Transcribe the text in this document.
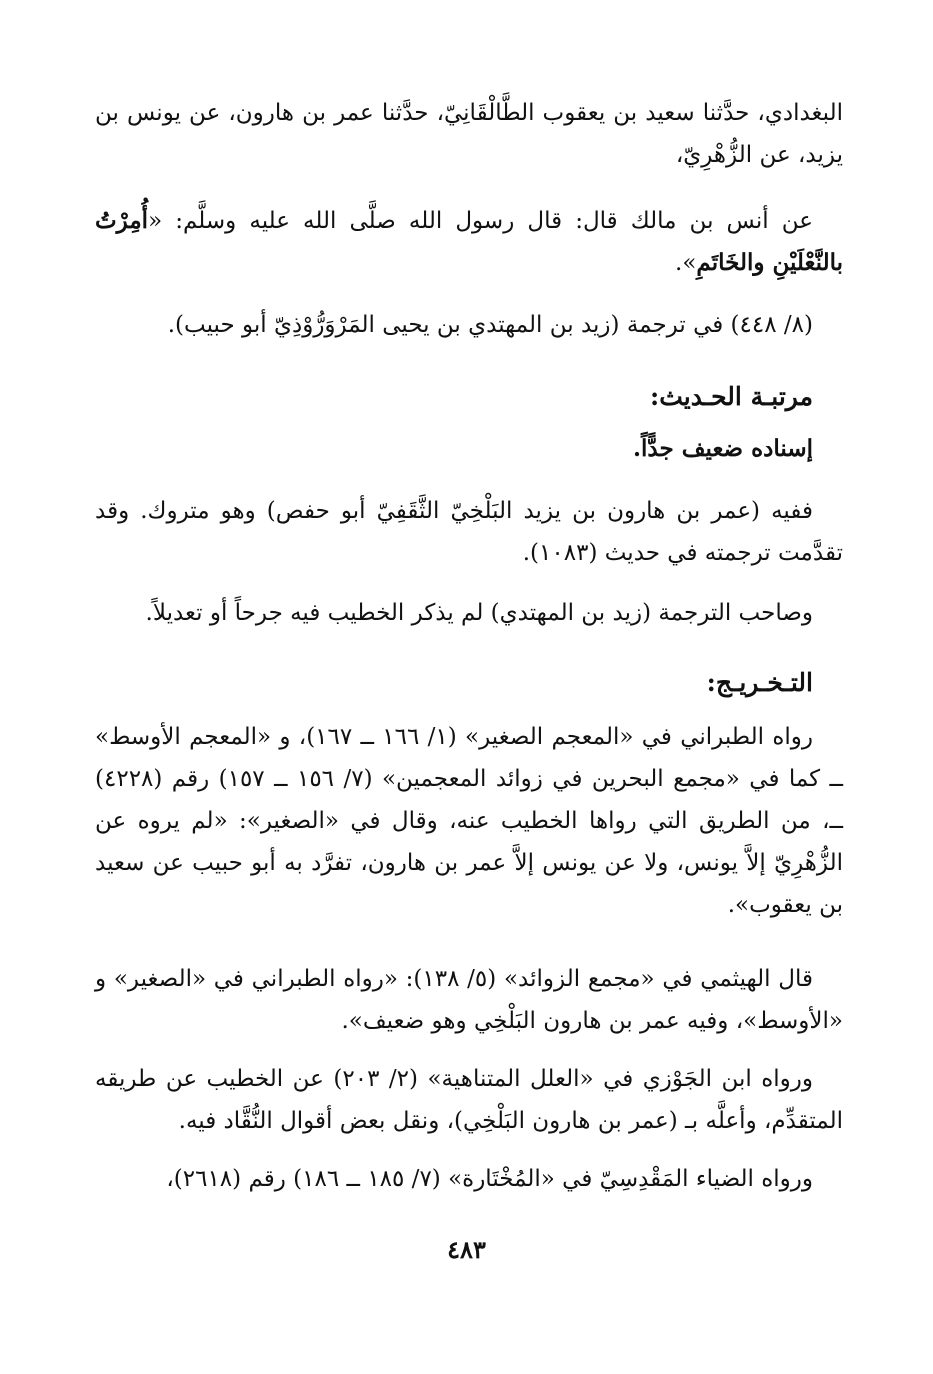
البغدادي، حدَّثنا سعيد بن يعقوب الطَّالْقَانِيّ، حدَّثنا عمر بن هارون، عن يونس بن يزيد، عن الزُّهْرِيّ،

عن أنس بن مالك قال: قال رسول الله صلَّى الله عليه وسلَّم: «أُمِرْتُ بالنَّعْلَيْنِ والخَاتَمِ».

(٨/ ٤٤٨) في ترجمة (زيد بن المهتدي بن يحيى المَرْوَرُّوْذِيّ أبو حبيب).

مرتبـة الحـديث:

إسناده ضعيف جدًّاً.

ففيه (عمر بن هارون بن يزيد البَلْخِيّ الثَّقَفِيّ أبو حفص) وهو متروك. وقد تقدَّمت ترجمته في حديث (١٠٨٣).

وصاحب الترجمة (زيد بن المهتدي) لم يذكر الخطيب فيه جرحاً أو تعديلاً.

التـخـريـج:

رواه الطبراني في «المعجم الصغير» (١/ ١٦٦ ــ ١٦٧)، و «المعجم الأوسط» ــ كما في «مجمع البحرين في زوائد المعجمين» (٧/ ١٥٦ ــ ١٥٧) رقم (٤٢٢٨) ــ، من الطريق التي رواها الخطيب عنه، وقال في «الصغير»: «لم يروه عن الزُّهْرِيّ إلاَّ يونس، ولا عن يونس إلاَّ عمر بن هارون، تفرَّد به أبو حبيب عن سعيد بن يعقوب».

قال الهيثمي في «مجمع الزوائد» (٥/ ١٣٨): «رواه الطبراني في «الصغير» و «الأوسط»، وفيه عمر بن هارون البَلْخِي وهو ضعيف».

ورواه ابن الجَوْزي في «العلل المتناهية» (٢/ ٢٠٣) عن الخطيب عن طريقه المتقدِّم، وأعلَّه بـ (عمر بن هارون البَلْخِي)، ونقل بعض أقوال النُّقَّاد فيه.

ورواه الضياء المَقْدِسِيّ في «المُخْتَارة» (٧/ ١٨٥ ــ ١٨٦) رقم (٢٦١٨)،

٤٨٣
